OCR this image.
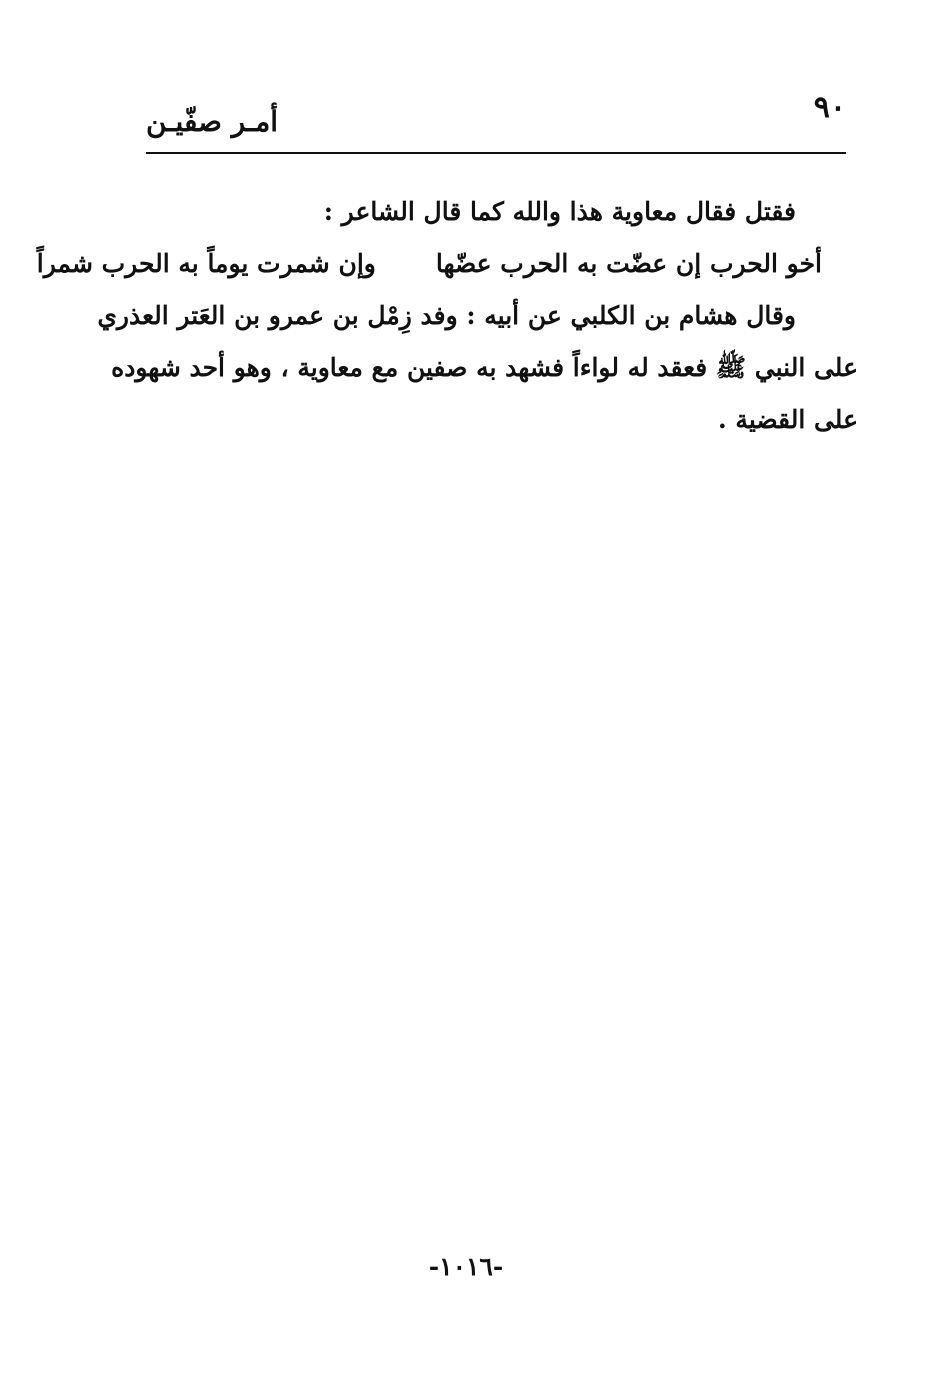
٩٠
أمـر صفّيـن
فقتل فقال معاوية هذا والله كما قال الشاعر :
أخو الحرب إن عضّت به الحرب عضّها
وإن شمرت يوماً به الحرب شمراً
وقال هشام بن الكلبي عن أبيه : وفد زِمْل بن عمرو بن العَتر العذري
على النبي ﷺ فعقد له لواءاً فشهد به صفين مع معاوية ، وهو أحد شهوده
على القضية .
-١٠١٦-
